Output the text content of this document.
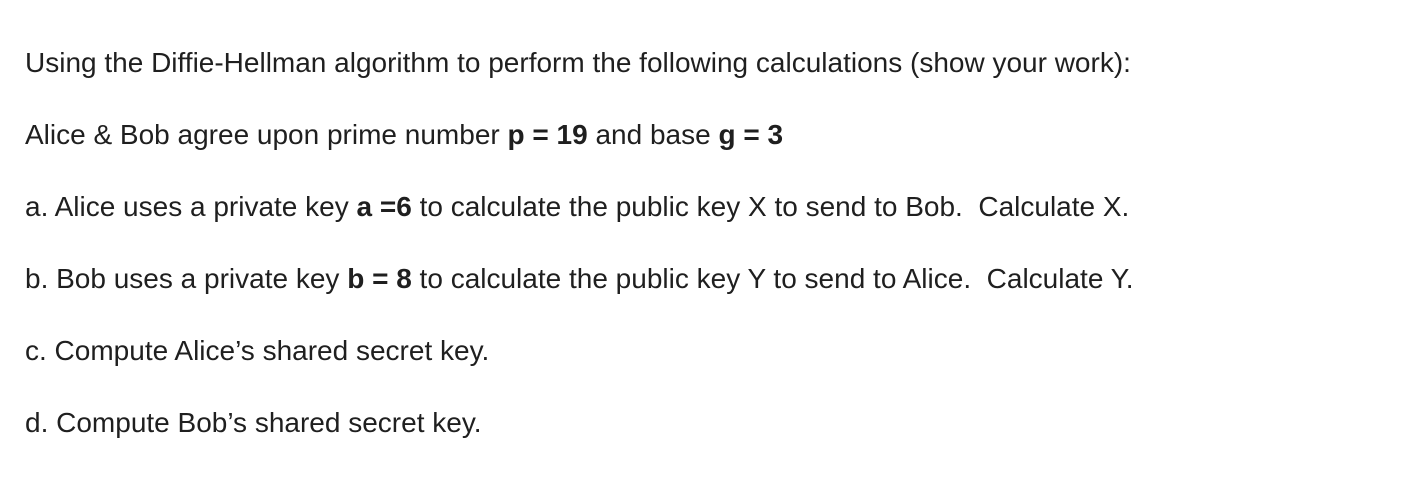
Using the Diffie-Hellman algorithm to perform the following calculations (show your work):

Alice & Bob agree upon prime number p = 19 and base g = 3

a. Alice uses a private key a =6 to calculate the public key X to send to Bob.  Calculate X.

b. Bob uses a private key b = 8 to calculate the public key Y to send to Alice.  Calculate Y.

c. Compute Alice’s shared secret key.

d. Compute Bob’s shared secret key.
